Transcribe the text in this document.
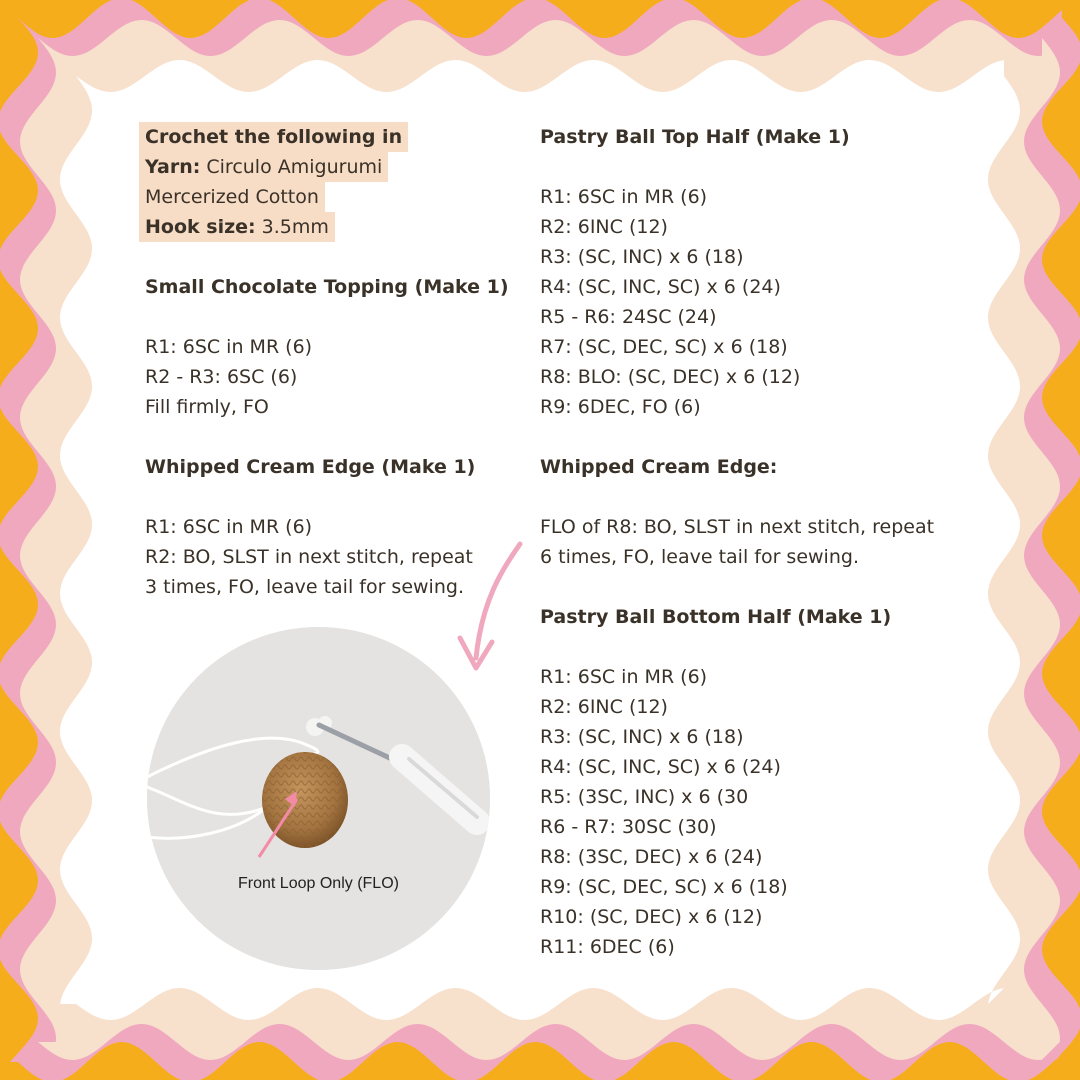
Crochet the following in
Yarn: Circulo Amigurumi
Mercerized Cotton
Hook size: 3.5mm
Small Chocolate Topping (Make 1)
R1: 6SC in MR (6)
R2 - R3: 6SC (6)
Fill firmly, FO
Whipped Cream Edge (Make 1)
R1: 6SC in MR (6)
R2: BO, SLST in next stitch, repeat
3 times, FO, leave tail for sewing.
Pastry Ball Top Half (Make 1)
R1: 6SC in MR (6)
R2: 6INC (12)
R3: (SC, INC) x 6 (18)
R4: (SC, INC, SC) x 6 (24)
R5 - R6: 24SC (24)
R7: (SC, DEC, SC) x 6 (18)
R8: BLO: (SC, DEC) x 6 (12)
R9: 6DEC, FO (6)
Whipped Cream Edge:
FLO of R8: BO, SLST in next stitch, repeat
6 times, FO, leave tail for sewing.
Pastry Ball Bottom Half (Make 1)
R1: 6SC in MR (6)
R2: 6INC (12)
R3: (SC, INC) x 6 (18)
R4: (SC, INC, SC) x 6 (24)
R5: (3SC, INC) x 6 (30
R6 - R7: 30SC (30)
R8: (3SC, DEC) x 6 (24)
R9: (SC, DEC, SC) x 6 (18)
R10: (SC, DEC) x 6 (12)
R11: 6DEC (6)
Front Loop Only (FLO)
